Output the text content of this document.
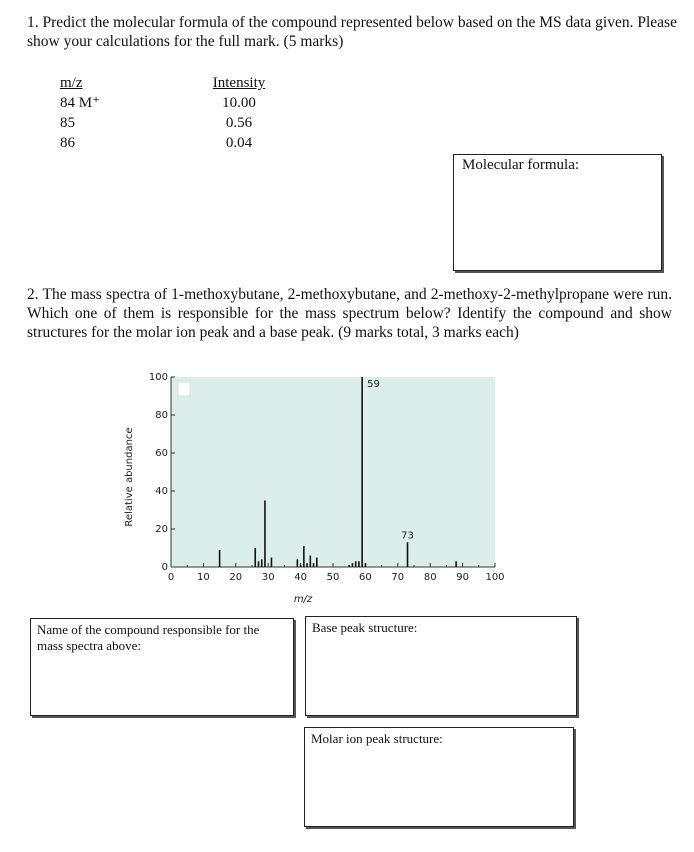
1. Predict the molecular formula of the compound represented below based on the MS data given. Please show your calculations for the full mark. (5 marks)
m/z
84 M⁺
85
86
Intensity
10.00
0.56
0.04
Molecular formula:
2. The mass spectra of 1-methoxybutane, 2-methoxybutane, and 2-methoxy-2-methylpropane were run. Which one of them is responsible for the mass spectrum below? Identify the compound and show structures for the molar ion peak and a base peak. (9 marks total, 3 marks each)
0
20
40
60
80
100
0 10 20 30 40 50 60 70 80 90 100
59
73
m/z
Relative abundance
Name of the compound responsible for the mass spectra above:
Base peak structure:
Molar ion peak structure:
